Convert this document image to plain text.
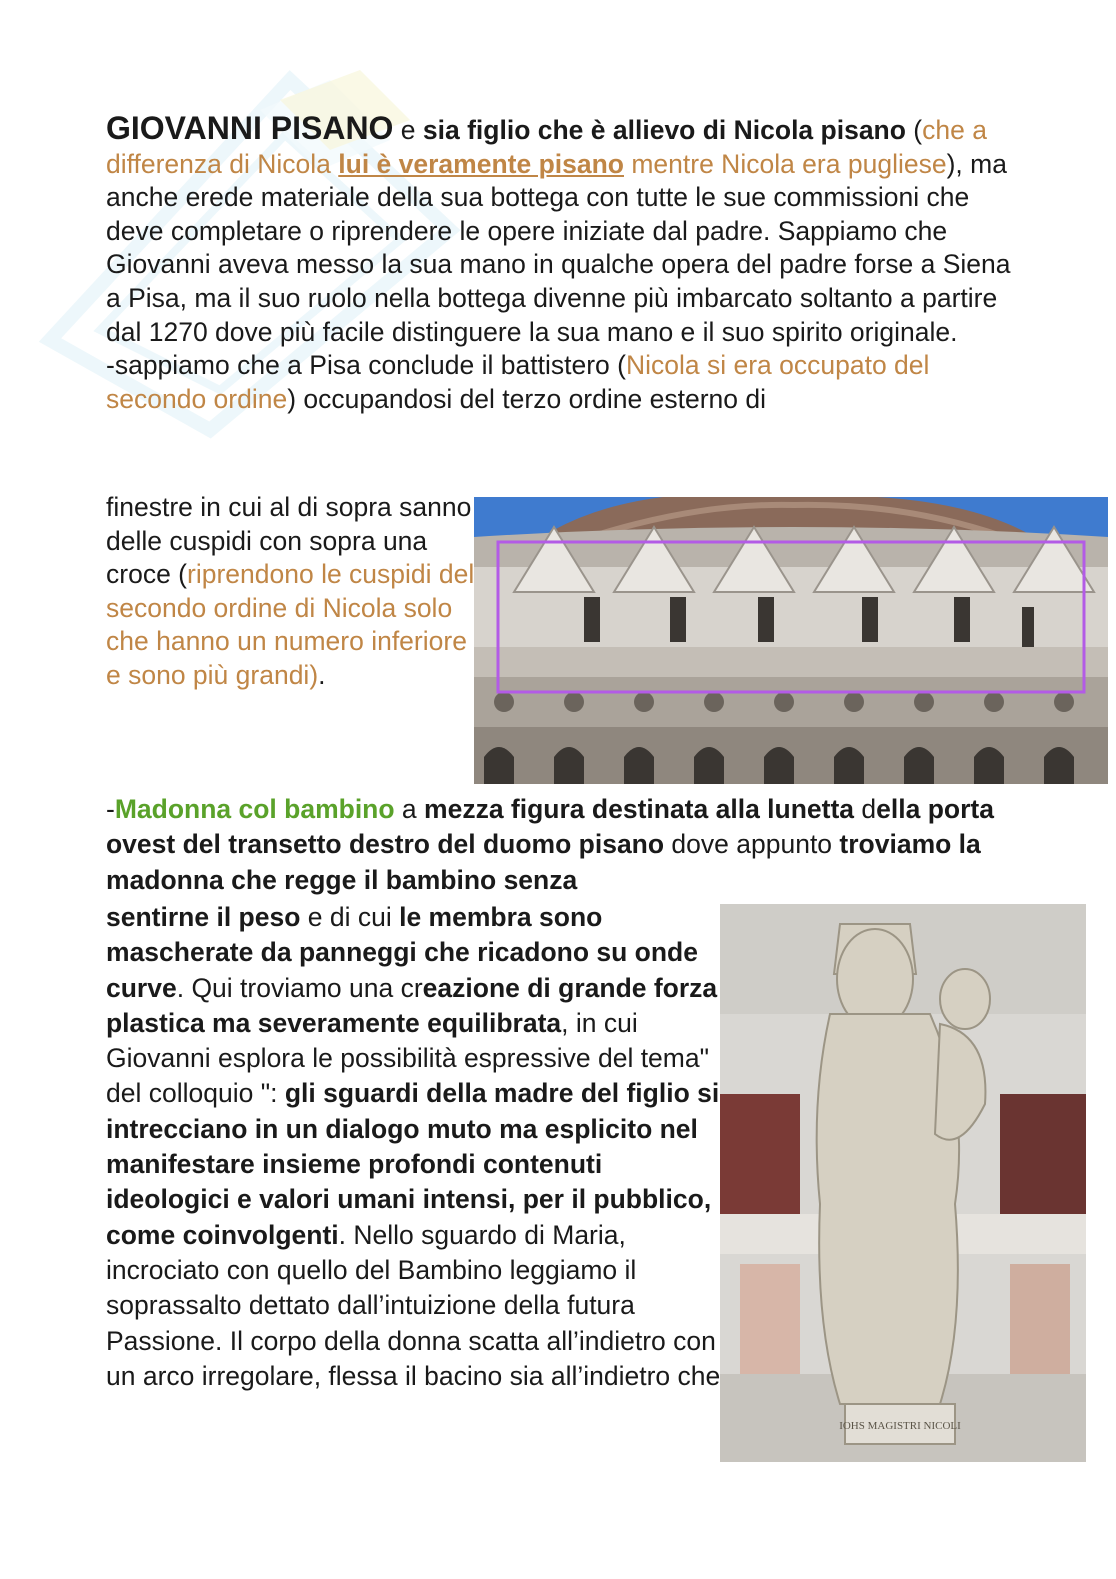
GIOVANNI PISANO e sia figlio che è allievo di Nicola pisano (che a differenza di Nicola lui è veramente pisano mentre Nicola era pugliese), ma anche erede materiale della sua bottega con tutte le sue commissioni che deve completare o riprendere le opere iniziate dal padre. Sappiamo che Giovanni aveva messo la sua mano in qualche opera del padre forse a Siena a Pisa, ma il suo ruolo nella bottega divenne più imbarcato soltanto a partire dal 1270 dove più facile distinguere la sua mano e il suo spirito originale.
-sappiamo che a Pisa conclude il battistero (Nicola si era occupato del secondo ordine) occupandosi del terzo ordine esterno di

finestre in cui al di sopra sanno delle cuspidi con sopra una croce (riprendono le cuspidi del secondo ordine di Nicola solo che hanno un numero inferiore e sono più grandi).

-Madonna col bambino a mezza figura destinata alla lunetta della porta ovest del transetto destro del duomo pisano dove appunto troviamo la madonna che regge il bambino senza

sentirne il peso e di cui le membra sono mascherate da panneggi che ricadono su onde curve. Qui troviamo una creazione di grande forza plastica ma severamente equilibrata, in cui Giovanni esplora le possibilità espressive del tema" del colloquio ": gli sguardi della madre del figlio si intrecciano in un dialogo muto ma esplicito nel manifestare insieme profondi contenuti ideologici e valori umani intensi, per il pubblico, come coinvolgenti. Nello sguardo di Maria, incrociato con quello del Bambino leggiamo il soprassalto dettato dall’intuizione della futura Passione. Il corpo della donna scatta all’indietro con un arco irregolare, flessa il bacino sia all’indietro che

IOHS MAGISTRI NICOLI
